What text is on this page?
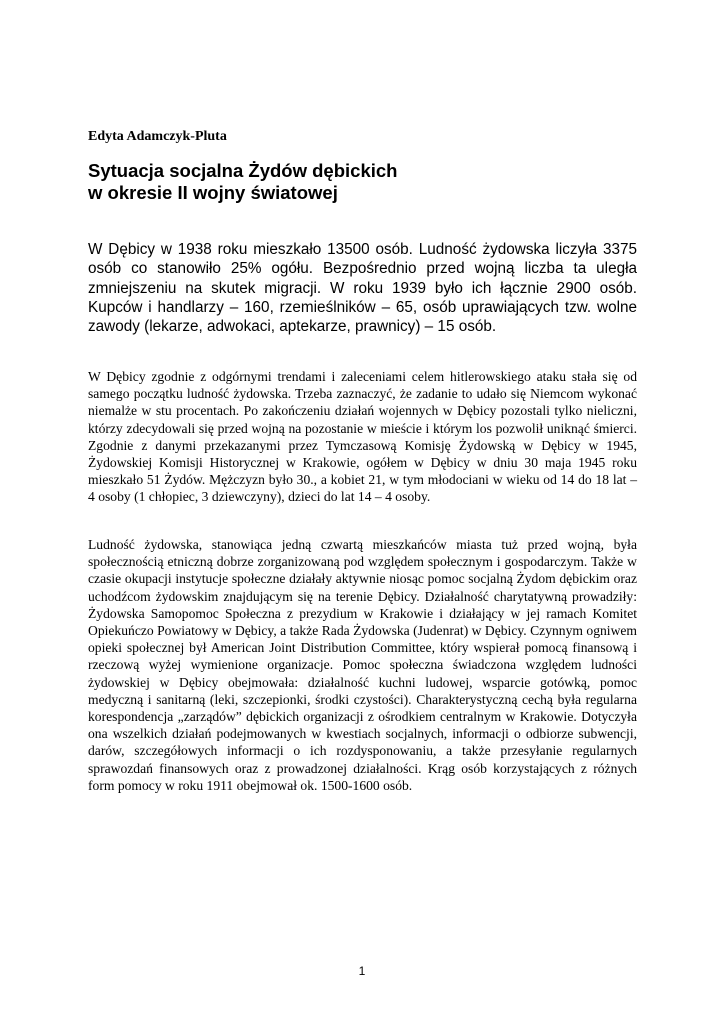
Edyta Adamczyk-Pluta
Sytuacja socjalna Żydów dębickich
w okresie II wojny światowej

W Dębicy w 1938 roku mieszkało 13500 osób. Ludność żydowska liczyła 3375 osób co stanowiło 25% ogółu. Bezpośrednio przed wojną liczba ta uległa zmniejszeniu na skutek migracji. W roku 1939 było ich łącznie 2900 osób. Kupców i handlarzy – 160, rzemieślników – 65, osób uprawiających tzw. wolne zawody (lekarze, adwokaci, aptekarze, prawnicy) – 15 osób.

W Dębicy zgodnie z odgórnymi trendami i zaleceniami celem hitlerowskiego ataku stała się od samego początku ludność żydowska. Trzeba zaznaczyć, że zadanie to udało się Niemcom wykonać niemalże w stu procentach. Po zakończeniu działań wojennych w Dębicy pozostali tylko nieliczni, którzy zdecydowali się przed wojną na pozostanie w mieście i którym los pozwolił uniknąć śmierci. Zgodnie z danymi przekazanymi przez Tymczasową Komisję Żydowską w Dębicy w 1945, Żydowskiej Komisji Historycznej w Krakowie, ogółem w Dębicy w dniu 30 maja 1945 roku mieszkało 51 Żydów. Mężczyzn było 30., a kobiet 21, w tym młodociani w wieku od 14 do 18 lat – 4 osoby (1 chłopiec, 3 dziewczyny), dzieci do lat 14 – 4 osoby.

Ludność żydowska, stanowiąca jedną czwartą mieszkańców miasta tuż przed wojną, była społecznością etniczną dobrze zorganizowaną pod względem społecznym i gospodarczym. Także w czasie okupacji instytucje społeczne działały aktywnie niosąc pomoc socjalną Żydom dębickim oraz uchodźcom żydowskim znajdującym się na terenie Dębicy. Działalność charytatywną prowadziły: Żydowska Samopomoc Społeczna z prezydium w Krakowie i działający w jej ramach Komitet Opiekuńczo Powiatowy w Dębicy, a także Rada Żydowska (Judenrat) w Dębicy. Czynnym ogniwem opieki społecznej był American Joint Distribution Committee, który wspierał pomocą finansową i rzeczową wyżej wymienione organizacje. Pomoc społeczna świadczona względem ludności żydowskiej w Dębicy obejmowała: działalność kuchni ludowej, wsparcie gotówką, pomoc medyczną i sanitarną (leki, szczepionki, środki czystości). Charakterystyczną cechą była regularna korespondencja „zarządów” dębickich organizacji z ośrodkiem centralnym w Krakowie. Dotyczyła ona wszelkich działań podejmowanych w kwestiach socjalnych, informacji o odbiorze subwencji, darów, szczegółowych informacji o ich rozdysponowaniu, a także przesyłanie regularnych sprawozdań finansowych oraz z prowadzonej działalności. Krąg osób korzystających z różnych form pomocy w roku 1911 obejmował ok. 1500-1600 osób.

1
